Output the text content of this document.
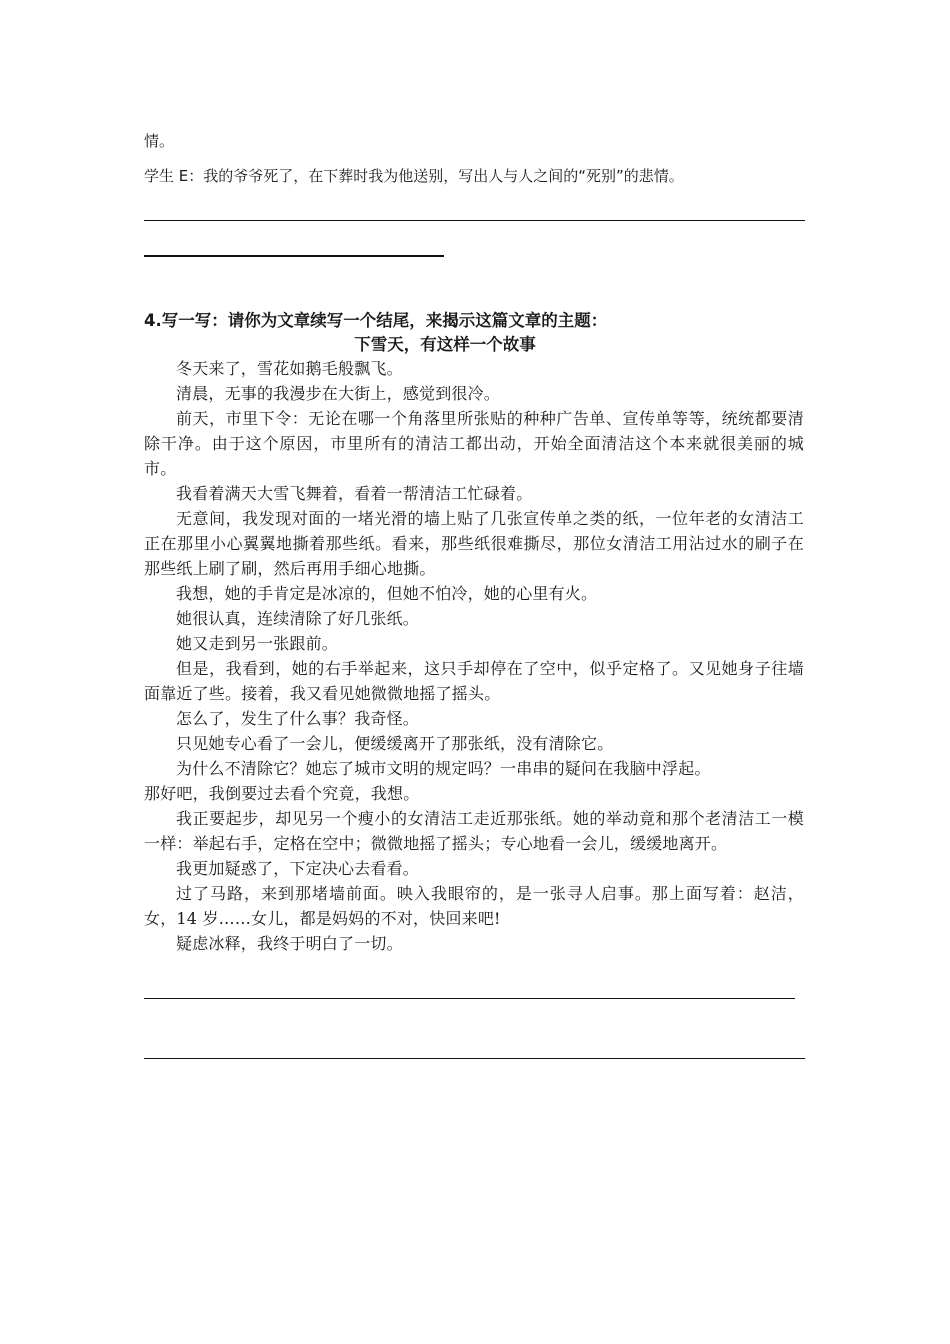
情。
学生 E：我的爷爷死了，在下葬时我为他送别，写出人与人之间的“死别”的悲情。
4.写一写：请你为文章续写一个结尾，来揭示这篇文章的主题：
下雪天，有这样一个故事

冬天来了，雪花如鹅毛般飘飞。

清晨，无事的我漫步在大街上，感觉到很冷。

前天，市里下令：无论在哪一个角落里所张贴的种种广告单、宣传单等等，统统都要清除干净。由于这个原因，市里所有的清洁工都出动，开始全面清洁这个本来就很美丽的城市。

我看着满天大雪飞舞着，看着一帮清洁工忙碌着。

无意间，我发现对面的一堵光滑的墙上贴了几张宣传单之类的纸，一位年老的女清洁工正在那里小心翼翼地撕着那些纸。看来，那些纸很难撕尽，那位女清洁工用沾过水的刷子在那些纸上刷了刷，然后再用手细心地撕。

我想，她的手肯定是冰凉的，但她不怕冷，她的心里有火。

她很认真，连续清除了好几张纸。

她又走到另一张跟前。

但是，我看到，她的右手举起来，这只手却停在了空中，似乎定格了。又见她身子往墙面靠近了些。接着，我又看见她微微地摇了摇头。

怎么了，发生了什么事？我奇怪。

只见她专心看了一会儿，便缓缓离开了那张纸，没有清除它。

为什么不清除它？她忘了城市文明的规定吗？一串串的疑问在我脑中浮起。

那好吧，我倒要过去看个究竟，我想。

我正要起步，却见另一个瘦小的女清洁工走近那张纸。她的举动竟和那个老清洁工一模一样：举起右手，定格在空中；微微地摇了摇头；专心地看一会儿，缓缓地离开。

我更加疑惑了，下定决心去看看。

过了马路，来到那堵墙前面。映入我眼帘的，是一张寻人启事。那上面写着：赵洁，女，14 岁……女儿，都是妈妈的不对，快回来吧!

疑虑冰释，我终于明白了一切。
